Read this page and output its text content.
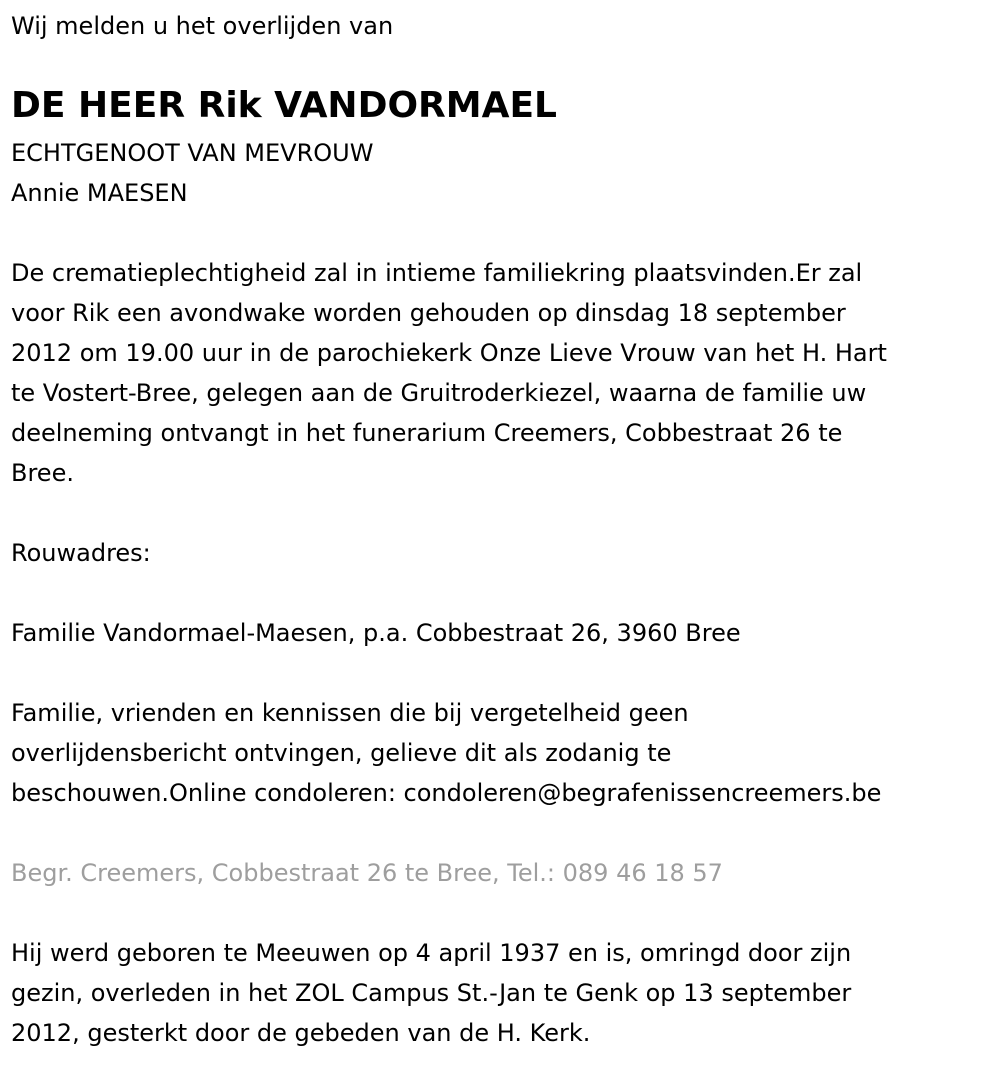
Wij melden u het overlijden van
DE HEER Rik VANDORMAEL
ECHTGENOOT VAN MEVROUW
Annie MAESEN
De crematieplechtigheid zal in intieme familiekring plaatsvinden.Er zal
voor Rik een avondwake worden gehouden op dinsdag 18 september
2012 om 19.00 uur in de parochiekerk Onze Lieve Vrouw van het H. Hart
te Vostert-Bree, gelegen aan de Gruitroderkiezel, waarna de familie uw
deelneming ontvangt in het funerarium Creemers, Cobbestraat 26 te
Bree.
Rouwadres:
Familie Vandormael-Maesen, p.a. Cobbestraat 26, 3960 Bree
Familie, vrienden en kennissen die bij vergetelheid geen
overlijdensbericht ontvingen, gelieve dit als zodanig te
beschouwen.Online condoleren: condoleren@begrafenissencreemers.be
Begr. Creemers, Cobbestraat 26 te Bree, Tel.: 089 46 18 57
Hij werd geboren te Meeuwen op 4 april 1937 en is, omringd door zijn
gezin, overleden in het ZOL Campus St.-Jan te Genk op 13 september
2012, gesterkt door de gebeden van de H. Kerk.
